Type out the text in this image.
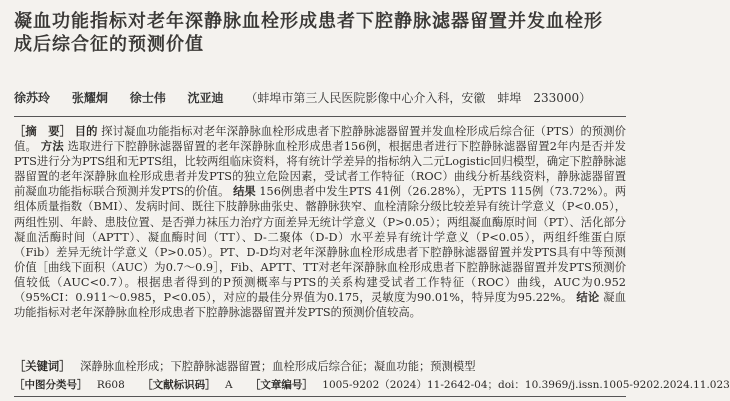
凝血功能指标对老年深静脉血栓形成患者下腔静脉滤器留置并发血栓形成后综合征的预测价值
徐苏玲 张耀炯 徐士伟 沈亚迪 （蚌埠市第三人民医院影像中心介入科，安徽　蚌埠　233000）
［摘　要］ 目的 探讨凝血功能指标对老年深静脉血栓形成患者下腔静脉滤器留置并发血栓形成后综合征（PTS）的预测价值。 方法 选取进行下腔静脉滤器留置的老年深静脉血栓形成患者156例，根据患者进行下腔静脉滤器留置2年内是否并发PTS进行分为PTS组和无PTS组，比较两组临床资料，将有统计学差异的指标纳入二元Logistic回归模型，确定下腔静脉滤器留置的老年深静脉血栓形成患者并发PTS的独立危险因素，受试者工作特征（ROC）曲线分析基线资料，静脉滤器留置前凝血功能指标联合预测并发PTS的价值。 结果 156例患者中发生PTS 41例（26.28%），无PTS 115例（73.72%）。两组体质量指数（BMI）、发病时间、既往下肢静脉曲张史、髂静脉狭窄、血栓清除分级比较差异有统计学意义（P<0.05），两组性别、年龄、患肢位置、是否弹力袜压力治疗方面差异无统计学意义（P>0.05）；两组凝血酶原时间（PT）、活化部分凝血活酶时间（APTT）、凝血酶时间（TT）、D-二聚体（D-D）水平差异有统计学意义（P<0.05），两组纤维蛋白原（Fib）差异无统计学意义（P>0.05）。PT、D-D均对老年深静脉血栓形成患者下腔静脉滤器留置并发PTS具有中等预测价值［曲线下面积（AUC）为0.7～0.9］，Fib、APTT、TT对老年深静脉血栓形成患者下腔静脉滤器留置并发PTS预测价值较低（AUC<0.7）。根据患者得到的P预测概率与PTS的关系构建受试者工作特征（ROC）曲线，AUC为0.952（95%CI：0.911～0.985，P<0.05），对应的最佳分界值为0.175，灵敏度为90.01%，特异度为95.22%。 结论 凝血功能指标对老年深静脉血栓形成患者下腔静脉滤器留置并发PTS的预测价值较高。
［关键词］ 深静脉血栓形成；下腔静脉滤器留置；血栓形成后综合征；凝血功能；预测模型
［中图分类号］ R608 ［文献标识码］ A ［文章编号］ 1005-9202（2024）11-2642-04；doi：10.3969/j.issn.1005-9202.2024.11.023
